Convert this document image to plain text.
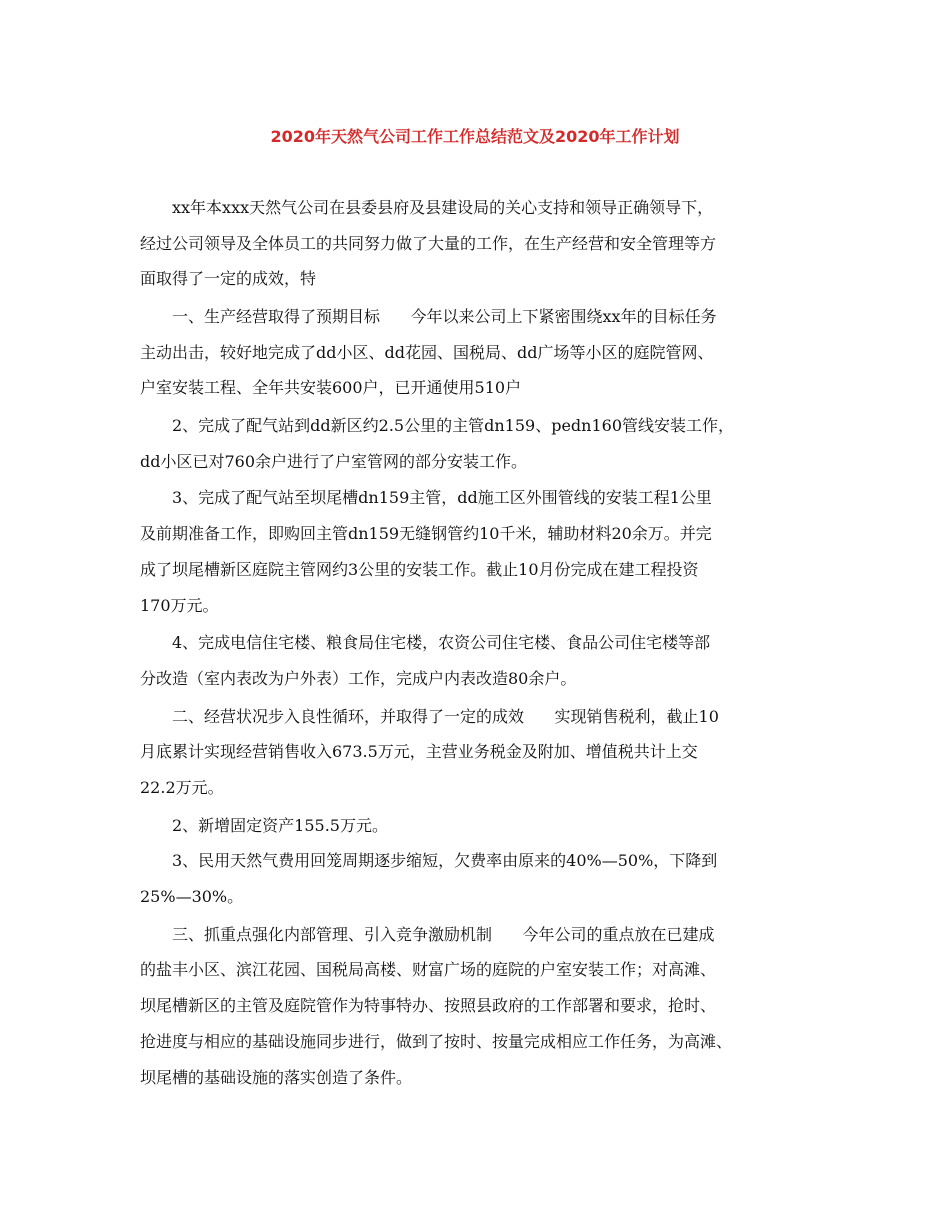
2020年天然气公司工作工作总结范文及2020年工作计划
xx年本xxx天然气公司在县委县府及县建设局的关心支持和领导正确领导下，
经过公司领导及全体员工的共同努力做了大量的工作，在生产经营和安全管理等方
面取得了一定的成效，特
一、生产经营取得了预期目标      今年以来公司上下紧密围绕xx年的目标任务
主动出击，较好地完成了dd小区、dd花园、国税局、dd广场等小区的庭院管网、
户室安装工程、全年共安装600户，已开通使用510户
2、完成了配气站到dd新区约2.5公里的主管dn159、pedn160管线安装工作，
dd小区已对760余户进行了户室管网的部分安装工作。
3、完成了配气站至坝尾槽dn159主管，dd施工区外围管线的安装工程1公里
及前期准备工作，即购回主管dn159无缝钢管约10千米，辅助材料20余万。并完
成了坝尾槽新区庭院主管网约3公里的安装工作。截止10月份完成在建工程投资
170万元。
4、完成电信住宅楼、粮食局住宅楼，农资公司住宅楼、食品公司住宅楼等部
分改造（室内表改为户外表）工作，完成户内表改造80余户。
二、经营状况步入良性循环，并取得了一定的成效      实现销售税利，截止10
月底累计实现经营销售收入673.5万元，主营业务税金及附加、增值税共计上交
22.2万元。
2、新增固定资产155.5万元。
3、民用天然气费用回笼周期逐步缩短，欠费率由原来的40%—50%，下降到
25%—30%。
三、抓重点强化内部管理、引入竞争激励机制      今年公司的重点放在已建成
的盐丰小区、滨江花园、国税局高楼、财富广场的庭院的户室安装工作；对高滩、
坝尾槽新区的主管及庭院管作为特事特办、按照县政府的工作部署和要求，抢时、
抢进度与相应的基础设施同步进行，做到了按时、按量完成相应工作任务，为高滩、
坝尾槽的基础设施的落实创造了条件。
